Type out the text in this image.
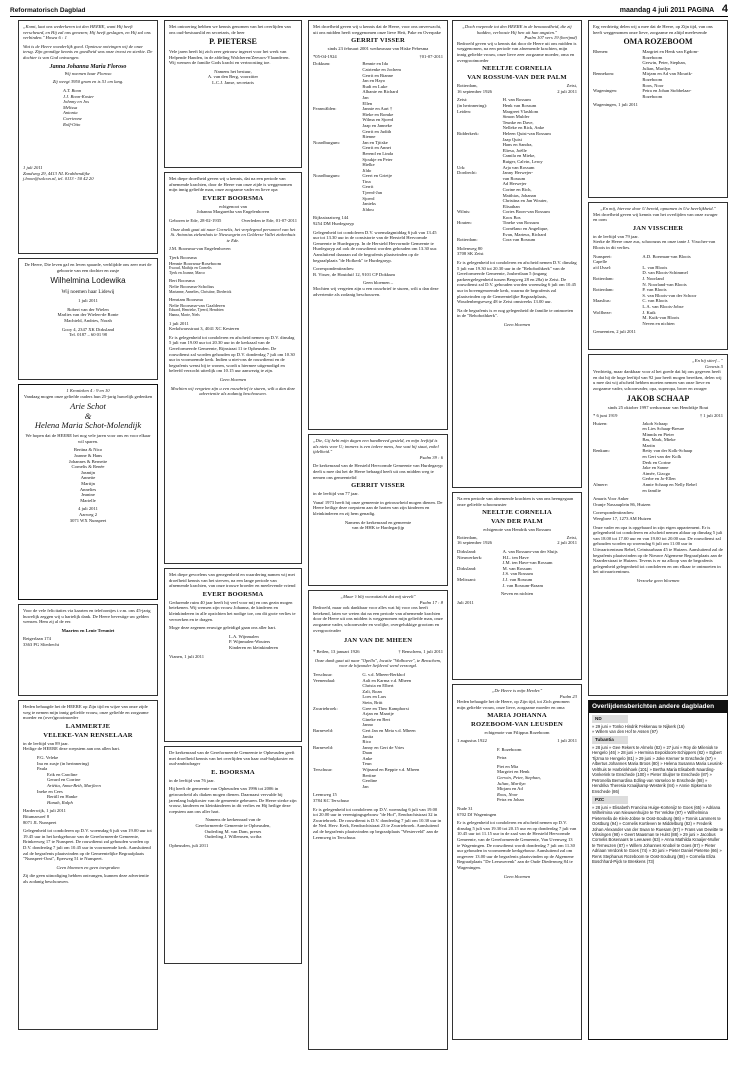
Reformatorisch Dagblad	maandag 4 juli 2011 PAGINA 4
„Komt, laat ons wederkeren tot den HEERE, want Hij heeft verscheurd, en Hij zal ons genezen; Hij heeft geslagen, en Hij zal ons verbinden." Hosea 6 : 1
Wat is de Heere wonderlijk goed. Opnieuw ontvingen wij de onze terug. Zijn grondige kennis en goedheid was onze troost en sterkte. De dochter is van God ontvangen.
Janna Johanna Maria Floroso
Wij noemen haar Floroso
Zij weegt 3950 gram en is 51 cm lang.
A.T. Boon
J.J. Boon-Koster
Johnny en Jos
Mélissa
Antonia
Corrienne
Rolf-Otto
1 juli 2011
Zandweg 29, 4413 NL Krabbendijke
j.boon@solcon.nl, tel. 0113 - 50 42 20
De Heere, Die leven gaf en leven spaarde, verblijdde ons zeer met de geboorte van een dochter en zusje
Wilhelmina Lodewika
Wij noemen haar Lidewij
1 juli 2011
Robert van der Wielen
Marlies van der Wielen-de Ronte
Machteld, Andries, Norah
Gooy 4, 2347 XK Dirksland
Tel. 0187 – 60 01 98
1 Kronieken 4 : 9 en 10
Vandaag mogen onze geliefde ouders hun 25-jarig huwelijk gedenken
Arie Schot
&
Helena Maria Schot-Molendijk
We hopen dat de HEERE het nog vele jaren voor ons en voor elkaar wil sparen.
Bertina & Nico
Joanne & Hans
Johannes & Bernette
Cornelis & Renée
Jasmijn
Annette
Martijn
Annelies
Jeanine
Marielle
4 juli 2011
Aarweg 2
3071 WX Nunspeet
Voor de vele felicitaties via kaarten en telefoontjes t.v.m. ons 45-jarig huwelijk zeggen wij u hartelijk dank. De Heere bevestige uw gelden wensen. Hem zij al de eer.
Maarten en Lenie Treuniet
Reigerlaan 174
3363 PG Sliedrecht
Heden behaagde het de HEERE op Zijn tijd en wijze van onze zijde weg te nemen mijn innig geliefde vrouw, onze geliefde en zorgzame moeder en (over)grootmoeder
LAMMERTJE
VELEKE-VAN RENSELAAR
in de leeftijd van 89 jaar.
Heilige de HEERE deze roepstem aan ons allen hart.
P.G. Veleke
Ina en zusje (in herinnering)
Paula
Erik en Caroline
Gerard en Corrine
Ariëtta, Anna-Beth, Marjleen
Ineke en Cees
Bertill en Hanke
Hanah, Ralph
Harderwijk, 1 juli 2011
Bitumarsoef 8
8071 JL Nunspeet
Gelegenheid tot condoleren op D.V. woensdag 6 juli van 19.00 uur tot 19.45 uur in het kerkgebouw van de Gereformeerde Gemeente, Brinkerweg 17 te Nunspeet. De rouwdienst zal gehouden worden op D.V. donderdag 7 juli om 10.45 uur in voornoemde kerk. Aansluitend zal de begrafenis plaatsvinden op de Gemeentelijke Begraafplaats "Nunspeet-Oost", Eperweg 51 te Nunspeet.
Geen bloemen en geen toespraken
Zij die geen uitnodiging hebben ontvangen, kunnen deze advertentie als zodanig beschouwen.
Met ontroering hebben we kennis genomen van het overlijden van ons oud-bestuurslid en secretaris, de heer
P. PIETERSE
Vele jaren heeft hij zich zeer getrouw ingezet voor het werk van Helpende Handen, in de afdeling Walcheren/Zeeuws-Vlaanderen. Wij wensen de familie Gods kracht en vertroosting toe.
Namens het bestuur,
A. van den Berg, voorzitter
L.C.J. Janse, secretaris
Met diepe droefheid geven wij u kennis, dat na een periode van afnemende krachten, door de Heere van onze zijde is weggenomen mijn innig geliefde man, onze zorgzame vader en lieve opa
EVERT BOORSMA
echtgenoot van
Johanna Margaretha van Engelenhoven
Geboren te Ede, 28-02-1935	Overleden te Ede, 01-07-2011
Onze dank gaat uit naar Cornelis, het verplegend personeel van het St. Antonius ziekenhuis te Nieuwegein en Gelderse Vallei ziekenhuis te Ede.
J.M. Boorsma-van Engelenhoven
Tjerk Boorsma
Hennie Boorsma-Roseboom
Ewoud, Mathijs en Cornelis
Tjerk en Joanne, Marco
Bert Boorsma
Nelie Boorsma-Scholtus
Marianne, Annelies, Christine, Diederick
Henriam Boorsma
Nelie Boorsma-van Gaalderen
Eduard, Henrieke, Tjeerd, Hendrien
Hanna, Marie, Niels
1 juli 2011
Kerkdwarsstraat 3, 4041 XC Kesteren
Er is gelegenheid tot condoleren en afscheid nemen op D.V. dinsdag 5 juli van 19.00 uur tot 20.30 uur in de kerkzaal van de Gereformeerde Gemeente, Rijnstraat 11 te Opheusden. De rouwdienst zal worden gehouden op D.V. donderdag 7 juli om 10.30 uur in voornoemde kerk. Indien u niet-ons de rouwdienst en de begrafenis wenst bij te wonen, wordt u hiermee uitgenodigd en beleefd verzocht uiterlijk om 10.15 uur aanwezig te zijn.
Geen bloemen
Mochten wij vergeten zijn u een rouwbrief te sturen, wilt u dan deze advertentie als zodanig beschouwen.
Met diepe gevoelens van genegenheid en waardering namen wij met droefheid kennis van het sterven, na een lange periode van afnemende krachten, van onze trouwe broeder en meelevende vriend
EVERT BOORSMA
Gedurende ruim 40 jaar heeft hij veel voor mij en ons gezin mogen betekenen. Wij wensen zijn vrouw Johanna, de kinderen en kleinkinderen in alle opzichten het nodige toe, om dit grote verlies te verwerken en te dragen.
Moge deze zegenen eeuwige geleidigd gaan ons aller hart.
L.A. Wijnmalen
P. Wijnmalen-Wouters
Kinderen en kleinkinderen
Vianen, 1 juli 2011
De kerkenraad van de Gereformeerde Gemeente te Opheusden geeft met droefheid kennis van het overlijden van haar oud-hulpkoster en oud-ambtsdrager
E. BOORSMA
in de leeftijd van 76 jaar.
Hij heeft de gemeente van Opheusden van 1996 tot 2006 in getrouwheid als diaken mogen dienen. Daarnaast vervulde hij jarenlang hulpkoster van de gemeente gebeuren. De Heere sterke zijn vrouw, kinderen en kleinkinderen in dit verlies en Hij heilige deze roepstem aan ons aller hart.
Namens de kerkenraad van de
Gereformeerde Gemeente te Opheusden,
Ouderling M. van Dam, preses
Ouderling J. Willemsen, scriba
Opheusden, juli 2011
Met droefheid geven wij u kennis dat de Heere, voor ons onverwacht, uit ons midden heeft weggenomen onze lieve Heit, Pake en Overpake
GERRIT VISSER
sinds 23 februari 2001 weduwnaar van Hiske Pebesma
*05-04-1924	†01-07-2011
Dokkum:	Bennie en Ida
Catrienke en Jochem
Gerrit en Bianne
Jan en Hayo
Rudi en Luke
Albanie en Richard
Jan
Ellen
Feanwâlden:	Jannie en Aart †
Hieke en Romke
Wilma en Sjoerd
Jaap en Janneke
Gerrit en Judith
Rienne
Noardburgum:	Jan en Tjitske
Gerrit en Annet
Berend en Linda
Sjoukje en Peter
Hielke
Jildo
Noardburgum:	Geert en Grietje
Tina
Gerrit
Tjeerd-Jan
Sjoerd
Janieks
Jildou
Rijksstraatweg 144
9254 DM Hurdegaryp
Gelegenheid tot condoleren D.V. woensdagmiddag 6 juli van 13.45 uur tot 13.30 uur in de consistorie van de Hersteld Hervormde Gemeente te Hurdegaryp. In de Hersteld Hervormde Gemeente te Hurdegaryp zal ook de rouwdienst worden gehouden om 13.30 uur. Aansluitend daaraan zal de begrafenis plaatsvinden op de begraafplaats "de Hofkerk" te Hurdegaryp.
Correspondentieadres:
B. Visser, de Houtduif 12, 9101 CP Dokkum
Geen bloemen –
Mochten wij vergeten zijn u een rouwbrief te sturen, wilt u dan deze advertentie als zodanig beschouwen.
„Die, Gij hebt mijn dagen een handbreed gesteld, en mijn leeftijd is als niets voor U; immers is een iedere mens, hoe vast hij staat, enkel ijdelheid."
Psalm 39 : 6
De kerkenraad van de Hersteld Hervormde Gemeente van Hurdegaryp deelt u mee dat het de Heere behaagd heeft uit ons midden weg te nemen ons gemeentelid
GERRIT VISSER
in de leeftijd van 77 jaar.
Vanaf 1973 heeft hij onze gemeente in getrouwheid mogen dienen. De Heere heilige deze roepstem aan de harten van zijn kinderen en kleinkinderen en zij hem genadig.
Namens de kerkenraad en gemeente
van de HHK te Hardegar(ijp
„Maar 't blij vooruitzicht dat mij streelt"
Psalm 17 : 8
Bedroefd, maar ook dankbaar voor alles wat hij voor ons heeft betekend, laten we weten dat na een periode van afnemende krachten door de Heere uit ons midden is weggenomen mijn geliefde man, onze zorgzame vader, schoonvader en vrolijke, overgelukkige grootom en overgrootvader
JAN VAN DE MHEEN
* Beilen, 13 januari 1926	† Benschem, 1 juli 2011
Onze dank gaat uit naar "Opello", locatie "Walhoeve", te Benschem, voor de bijzonder liefdevol werd verzorgd.
Terschuur:	G. v.d. Mheen-Berkhof
Veenendaal:	Aalt en Karma v.d. Mheen
Christa en Elbert
Zali, Roan
Loes en Lars
Stein, Britt
Zwartebroek:	Gree en Theo Kamphorst
Arjan en Maartje
Gineke en Bert
Janno
Barneveld:	Gert Jan en Meta v.d. Mheen
Janita
Rico
Barneveld:	Janny en Gert de Vries
Daan
Anke
Teun
Terschuur:	Wijnand en Beppie v.d. Mheen
Bertine
Gerdine
Jan
Leemweg 15
3784 KC Terschuur
Er is gelegenheid tot condoleren op D.V. woensdag 6 juli van 19.00 tot 20.00 uur in verenigingsgebouw "de Hof", Eendrachtstraat 32 in Zwartebroek. De rouwdienst is D.V. donderdag 7 juli om 10.30 uur in de Ned. Herv. Kerk, Eendrachtstraat 23 te Zwartebroek. Aansluitend zal de begrafenis plaatsvinden op begraafplaats "Westerveld" aan de Leemweg in Terschuur.
„Doch roepende tot den HEERE in de benauwdheid, die zij hadden, verlooste Hij hen uit hun angsten."
Psalm 107 vers 19 (berijmd)
Bedroefd geven wij u kennis dat door de Heere uit ons midden is weggenomen, na een periode van afnemende krachten, mijn innig geliefde vrouw, onze lieve zeer zorgzame moeder, oma en overgrootmoeder
NEELTJE CORNELIA
VAN ROSSUM-VAN DER PALM
Rotterdam,
16 september 1926
Zeist,
2 juli 2011
Zeist:	H. van Rossum
(in herinnering):	Henk van Rossum
Leiden:	Margreet Vlasblom
Simon Mulder
Teunke en Dave,
Nelleke en Rick, Anke
Ridderkerk:	Heleen Quist-van Rossum
Jaap Quist
Hans en Sandra,
Eliesa, Joëlle
Camila en Mieke,
Rutger, Calvin, Leroy
Urk:	Arja van Rossum
Dordrecht:	Janny Herwejer-
van Rossum
Ad Herwejer
Corine en Rich,
Matthias, Johanan
Christina en Jan Wouter,
Elisathan
Wilnis:	Cories Boon-van Rossum
Koos Bos
Houten:	Tineke van Rossum
Cornélano en Angelique,
Evan, Marteus, Richard
Rotterdam:	Cora van Rossum
Molenweg 80
3708 SK Zeist
Er is gelegenheid tot condoleren en afscheid nemen D.V. dinsdag 5 juli van 19.30 tot 20.30 uur in de "Rehobothkerk" van de Gereformeerde Gemeente, Joubertlaan 5 (ingang parkeergelegenheid tussen Bergweg 28 en 28a) te Zeist. De rouwdienst zal D.V. gehouden worden woensdag 6 juli om 10.45 uur in bovengenoemde kerk, waarna de begrafenis zal plaatsvinden op de Gemeentelijke Begraafplaats, Woudenbergseweg 48 te Zeist omstreeks 13.00 uur.
Na de begrafenis is er nog gelegenheid de familie te ontmoeten in de "Rehobothkerk".
Geen bloemen
Na een periode van afnemende krachten is van ons heengegaan onze geliefde schoonzuster
NEELTJE CORNELIA
VAN DER PALM
echtgenote van Hendrik van Rossum
Rotterdam,
16 september 1926
Zeist,
2 juli 2011
Dirksland:	A. van Rossum-van der Sluijs
Nieuwerkerk:	H.L. ten Have
J.M. ten Have-van Rossum
Dirksland:	M. van Rossum
J.S. van Rossum
Melissant:	J.J. van Rossum
J. van Rossum-Braam
Neven en nichten
Juli 2011
„De Heere is mijn Herder."
Psalm 23
Heden behaagde het de Heere, op Zijn tijd, tot Zich genomen mijn geliefde vrouw, onze lieve, zorgzame moeder en oma
MARIA JOHANNA
ROZEBOOM-VAN LEUSDEN
echtgenote van Filippus Rozeboom
1 augustus 1922	1 juli 2011
F. Rozeboom
Petra
Piet en Mia
Margriet en Henk
Gerwin, Peter, Stephan,
Julian, Marilyn
Mirjam en Ad
Roos, Noor
Petra en Johan
Nude 31
6702 DJ Wageningen
Er is gelegenheid tot condoleren en afscheid nemen op D.V. dinsdag 5 juli van 19.30 tot 20.15 uur en op donderdag 7 juli van 10.45 uur tot 11.15 uur in de zaal van de Hersteld Hervormde Gemeente, van de Gereformeerde Gemeente, Van Uvenweg 13 te Wageningen. De rouwdienst wordt donderdag 7 juli om 11.30 uur gehouden in voornoemde kerkgebouw. Aansluitend zal om ongeveer 13.00 uur de begrafenis plaatsvinden op de Algemene Begraafplaats "De Leeuwerenk" aan de Oude Diedenweg 84 te Wageningen.
Geen bloemen
Erg verdrietig delen wij u mee dat de Heere, op Zijn tijd, van ons heeft weggenomen onze lieve, zorgzame en altijd meelevende
OMA ROZEBOOM
Rhenen:	Margriet en Henk van Egdom-
Rozeboom
Gerwin, Peter, Stephan,
Julian, Marilyn
Bennekom:	Mirjam en Ad van Mourik-
Rozeboom
Roos, Noor
Wageningen:	Petra en Johan Stobbelaar-
Rozeboom
Wageningen, 1 juli 2011
„En mij, hiervoe door U bereid, opnamen in Uw heerlijkheid."
Met droefheid geven wij kennis van het overlijden van onze zwager en oom
JAN VISSCHER
in de leeftijd van 79 jaar.
Sterke de Heere onze zus, schoonzus en onze tante J. Visscher-van Bloois in dit verlies.
Nunspeet:	A.D. Boerman-van Bloois
Capelle
a/d IJssel:	L. van Bloois
D. van Bloois-Schimmel
Rotterdam:	J. Noorland
N. Noorland-van Bloois
Rotterdam:	P. van Bloois
S. van Bloois-van der Schoor
Maaslius:	C. van Bloois
L.A. van Bloois-Jobse
Wolfheze:	J. Kuik
M. Kuik-van Bloois
Neven en nichten
Gemeenten, 2 juli 2011
„En hij stierf... "
Genesis 5
Verdrietig, maar dankbaar voor al het goede dat hij ons gegeven heeft en dat hij de hoge leeftijd van 92 jaar heeft mogen bereiken, delen wij u mee dat wij afscheid hebben moeten nemen van onze lieve en zorgzame vader, schoonvader, opa, superopa, broer en zwager
JAKOB SCHAAP
sinds 25 oktober 1997 weduwnaar van Hendrikje Bout
* 6 juni 1919	† 1 juli 2011
Huizen:	Jakob Schaap
en Lies Schaap-Breure
Minnda en Pieter
Bas, Mark, Mieke
Martin
Renkum:	Betty van der Kolk-Schaap
en Gert van der Kolk
Derk en Corine
Jake en Sanne
Aimée, Giacgo
Gerbe en Jo-Ellen
Almere:	Annie Schaap en Nelly Rebel
en familie
Amaris Voor Anker
Oranje Nassauplein 86, Huizen
Correspondentieadres:
Weegbree 17, 1273 AM Huizen
Onze vader en opa is opgebaard in zijn eigen appartement. Er is gelegenheid tot condoleren en afscheid nemen aldaar op dinsdag 5 juli van 18.00 tot 17.00 uur en van 19.00 tot 20.00 uur. De rouwdienst zal gehouden worden op woensdag 6 juli om 11.00 uur in Uitvaartcentrum Rebel, Ceintuurbaan 45 te Huizen. Aansluitend zal de begrafenis plaatsvinden op de Nieuwe Algemene Begraafplaats aan de Naarderstraat te Huizen. Tevens is er na afloop van de begrafenis gelegenheid gelegenheid tot condoleren en om elkaar te ontmoeten in het uitvaartcentrum.
Verzoeke geen bloemen
Overlijdensberichten andere dagbladen
ND
» 29 juni » Tonko Hindrik Fekkenau te Nijkerk (16)
» Willem van den Hof te Assen (97)
Tubantia
» 28 juni » Gee Rekers te Almelo (82) » 27 juni » Roy de Mileniok te Hengelo (46) » 28 juni » Hermina Eepoldoors-Schippers (82) » Egbert Tijzma te Hengelo (81) » 29 juni » Joke Kremer te Enschede (57) » Albertus Johannes Maria Broos (80) » Helena Susanna Maria Leusink-Velthuis te Harbrinkhoek (101) » Bertha Maria Elisabeth Naarding-Vonkerink te Enschede (100) » Pieter Sluijter te Enschede (87) » Petronella Bernardina Edling-van Varseloo te Enschede (88) » Hendrika Theresia Kraaijkamp-Westerik (84) » Annie Sipkema te Enschede (86)
PZC
» 28 juni » Elisabeth Francina Huige-Kortenijz te Goes (65) » Adriana Wilhelmina van Nieuwenhuijze te Ter Veldse (97) » Wilhelmina Pieternella de Kleis-Jobse te Oost-Souburg (86) » Tonnis Lammers te Oostburg (94) » Cornelis Kortleven te Middelburg (82) » Frederik Johan Alexander van der Swan te Ruesam (87) » Frans van Dewitte te Vlissingen (98) » Geert Maasman te Hulst (88) » 29 juni » Jacobus Cornelis Bosenaars te Leeuwen (63) » Anna Mathilda Kraaijer-Muller te Terneuzen (87) » Willem Johannes Knobel te Goes (87) » Pieter Adriaan Verdonk te Goes (74) » 30 juni » Pieter Daniel Pieterse (66) » Rens Stephanus Rozeboom te Oost-Souburg (88) » Cornelia Eliza Boschhard-Pijck te Breskens (73)
